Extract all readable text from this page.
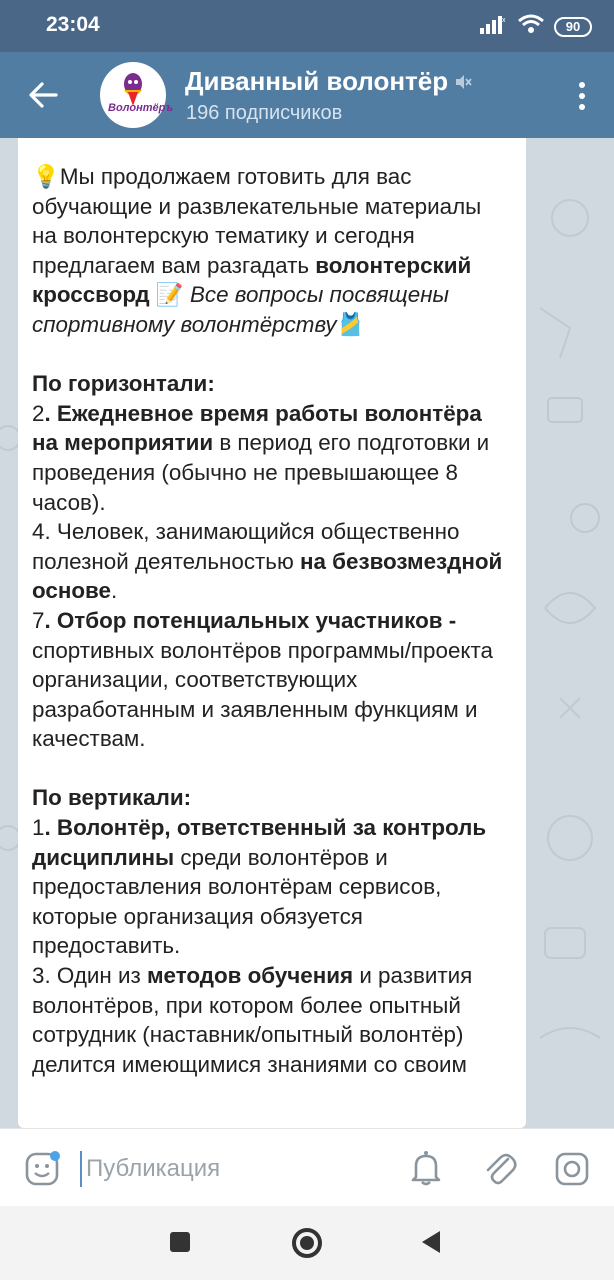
23:04	x	90
Волонтёръ
Диванный волонтёр
196 подписчиков
💡Мы продолжаем готовить для вас обучающие и развлекательные материалы на волонтерскую тематику и сегодня предлагаем вам разгадать волонтерский кроссворд 📝 Все вопросы посвящены спортивному волонтёрству🎽

По горизонтали:
2. Ежедневное время работы волонтёра на мероприятии в период его подготовки и проведения (обычно не превышающее 8 часов).
4. Человек, занимающийся общественно полезной деятельностью на безвозмездной основе.
7. Отбор потенциальных участников - спортивных волонтёров программы/проекта организации, соответствующих разработанным и заявленным функциям и качествам.

По вертикали:
1. Волонтёр, ответственный за контроль дисциплины среди волонтёров и предоставления волонтёрам сервисов, которые организация обязуется предоставить.
3. Один из методов обучения и развития волонтёров, при котором более опытный сотрудник (наставник/опытный волонтёр) делится имеющимися знаниями со своим
Публикация
